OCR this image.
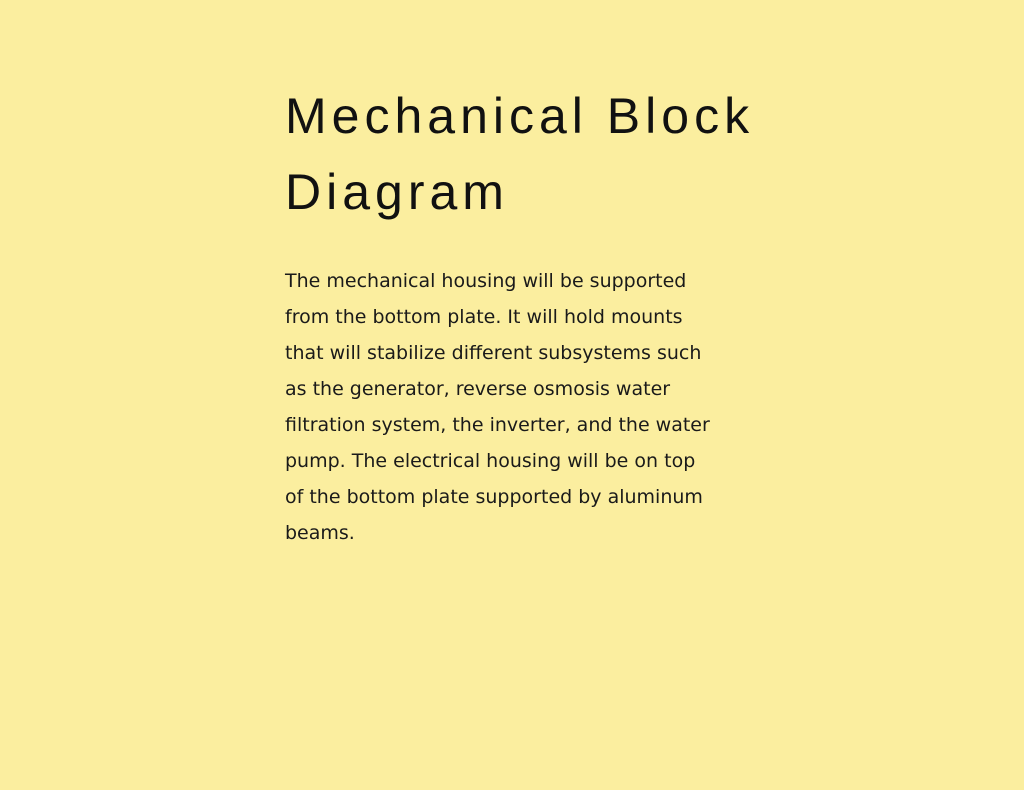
Mechanical Block
Diagram

The mechanical housing will be supported
from the bottom plate. It will hold mounts
that will stabilize different subsystems such
as the generator, reverse osmosis water
filtration system, the inverter, and the water
pump. The electrical housing will be on top
of the bottom plate supported by aluminum
beams.
